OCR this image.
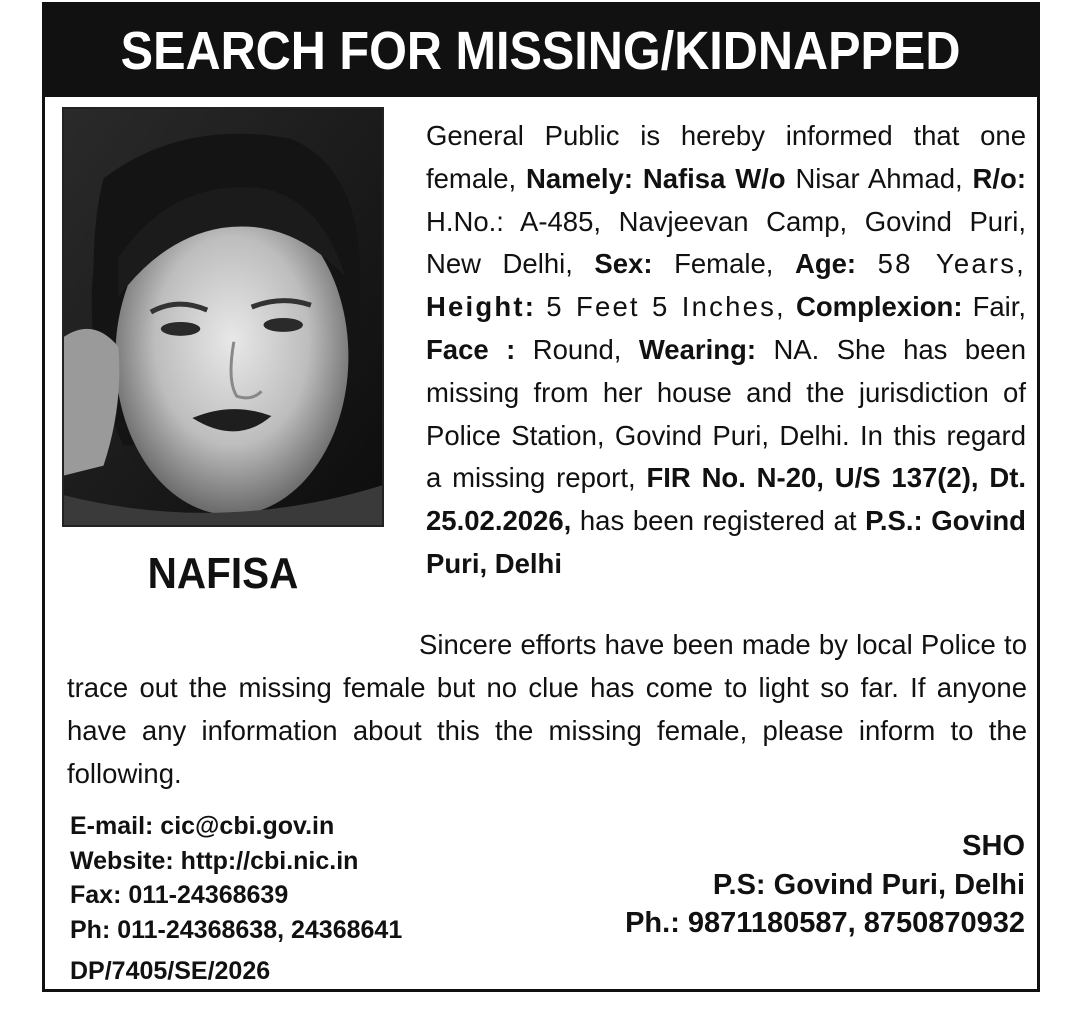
SEARCH FOR MISSING/KIDNAPPED

NAFISA

General Public is hereby informed that one female, Namely: Nafisa W/o Nisar Ahmad, R/o: H.No.: A-485, Navjeevan Camp, Govind Puri, New Delhi, Sex: Female, Age: 58 Years, Height: 5 Feet 5 Inches, Complexion: Fair, Face : Round, Wearing: NA. She has been missing from her house and the jurisdiction of Police Station, Govind Puri, Delhi. In this regard a missing report, FIR No. N-20, U/S 137(2), Dt. 25.02.2026, has been registered at P.S.: Govind Puri, Delhi

Sincere efforts have been made by local Police to trace out the missing female but no clue has come to light so far. If anyone have any information about this the missing female, please inform to the following.

E-mail: cic@cbi.gov.in
Website: http://cbi.nic.in
Fax: 011-24368639
Ph: 011-24368638, 24368641

DP/7405/SE/2026

SHO
P.S: Govind Puri, Delhi
Ph.: 9871180587, 8750870932
